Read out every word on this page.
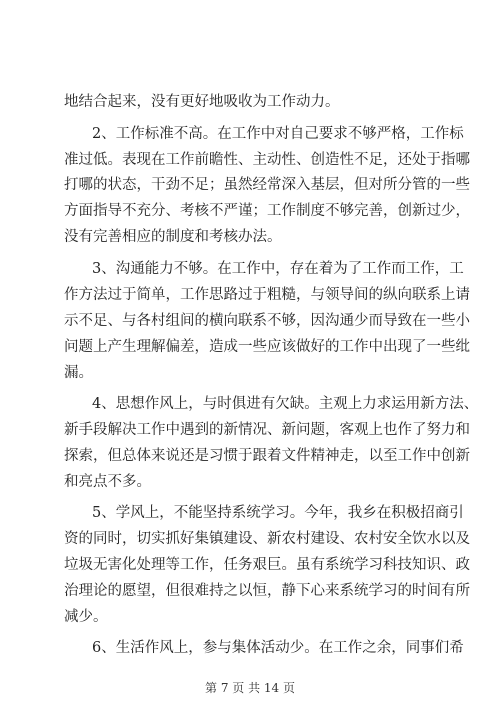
地结合起来，没有更好地吸收为工作动力。
2、工作标准不高。在工作中对自己要求不够严格，工作标
准过低。表现在工作前瞻性、主动性、创造性不足，还处于指哪
打哪的状态，干劲不足；虽然经常深入基层，但对所分管的一些
方面指导不充分、考核不严谨；工作制度不够完善，创新过少，
没有完善相应的制度和考核办法。
3、沟通能力不够。在工作中，存在着为了工作而工作，工
作方法过于简单，工作思路过于粗糙，与领导间的纵向联系上请
示不足、与各村组间的横向联系不够，因沟通少而导致在一些小
问题上产生理解偏差，造成一些应该做好的工作中出现了一些纰
漏。
4、思想作风上，与时俱进有欠缺。主观上力求运用新方法、
新手段解决工作中遇到的新情况、新问题，客观上也作了努力和
探索，但总体来说还是习惯于跟着文件精神走，以至工作中创新
和亮点不多。
5、学风上，不能坚持系统学习。今年，我乡在积极招商引
资的同时，切实抓好集镇建设、新农村建设、农村安全饮水以及
垃圾无害化处理等工作，任务艰巨。虽有系统学习科技知识、政
治理论的愿望，但很难持之以恒，静下心来系统学习的时间有所
减少。
6、生活作风上，参与集体活动少。在工作之余，同事们希
第 7 页 共 14 页
